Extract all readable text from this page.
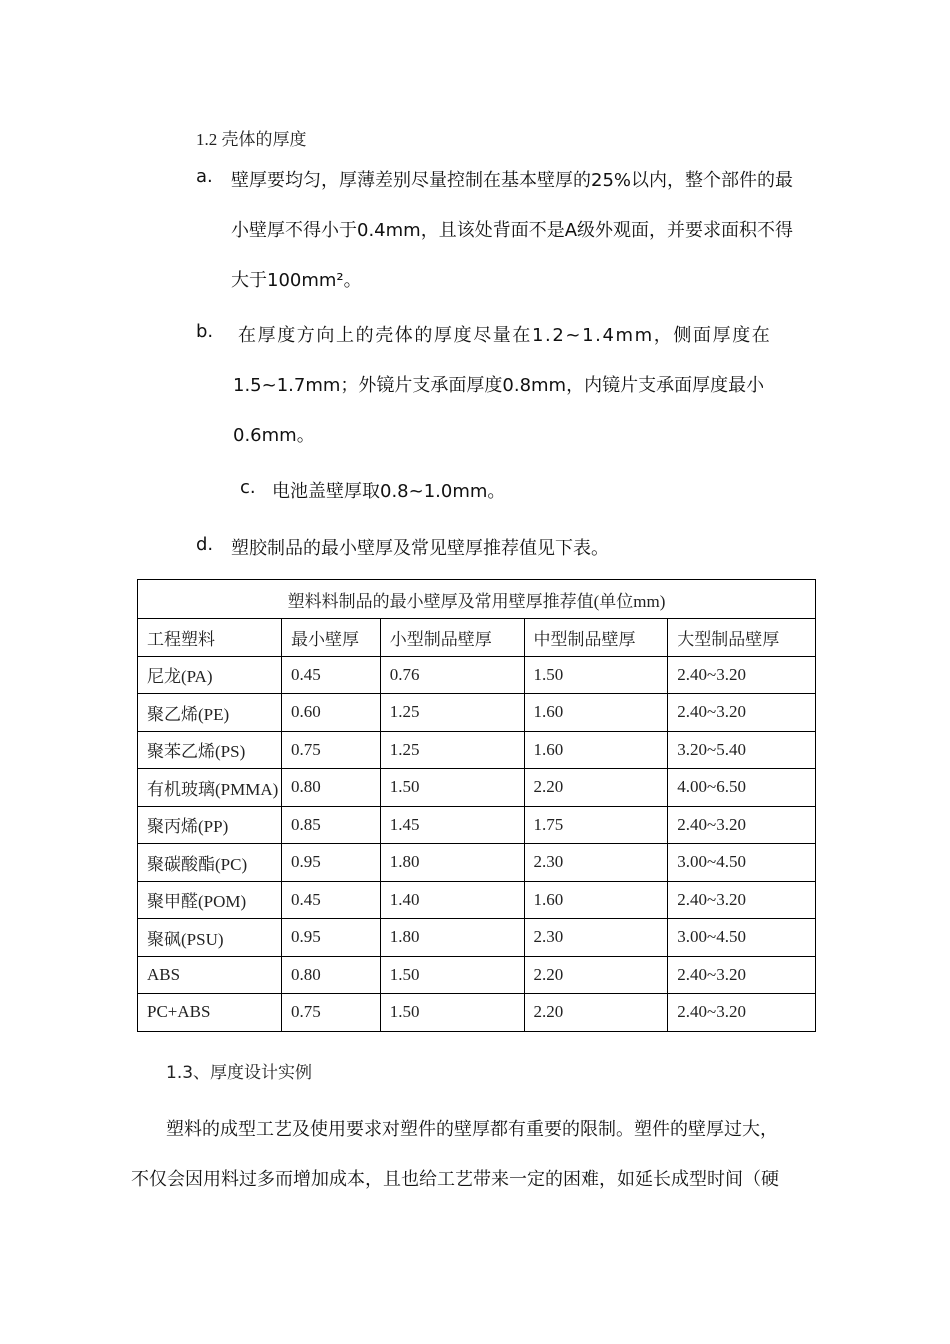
1.2 壳体的厚度
a. 壁厚要均匀，厚薄差别尽量控制在基本壁厚的25%以内，整个部件的最
小壁厚不得小于0.4mm，且该处背面不是A级外观面，并要求面积不得
大于100mm²。
b. 在厚度方向上的壳体的厚度尽量在1.2~1.4mm，侧面厚度在
1.5~1.7mm；外镜片支承面厚度0.8mm，内镜片支承面厚度最小
0.6mm。
c. 电池盖壁厚取0.8~1.0mm。
d. 塑胶制品的最小壁厚及常见壁厚推荐值见下表。
塑料料制品的最小壁厚及常用壁厚推荐值(单位mm)				
工程塑料	最小壁厚	小型制品壁厚	中型制品壁厚	大型制品壁厚
尼龙(PA)	0.45	0.76	1.50	2.40~3.20
聚乙烯(PE)	0.60	1.25	1.60	2.40~3.20
聚苯乙烯(PS)	0.75	1.25	1.60	3.20~5.40
有机玻璃(PMMA)	0.80	1.50	2.20	4.00~6.50
聚丙烯(PP)	0.85	1.45	1.75	2.40~3.20
聚碳酸酯(PC)	0.95	1.80	2.30	3.00~4.50
聚甲醛(POM)	0.45	1.40	1.60	2.40~3.20
聚砜(PSU)	0.95	1.80	2.30	3.00~4.50
ABS	0.80	1.50	2.20	2.40~3.20
PC+ABS	0.75	1.50	2.20	2.40~3.20
1.3、厚度设计实例
塑料的成型工艺及使用要求对塑件的壁厚都有重要的限制。塑件的壁厚过大，
不仅会因用料过多而增加成本，且也给工艺带来一定的困难，如延长成型时间（硬
